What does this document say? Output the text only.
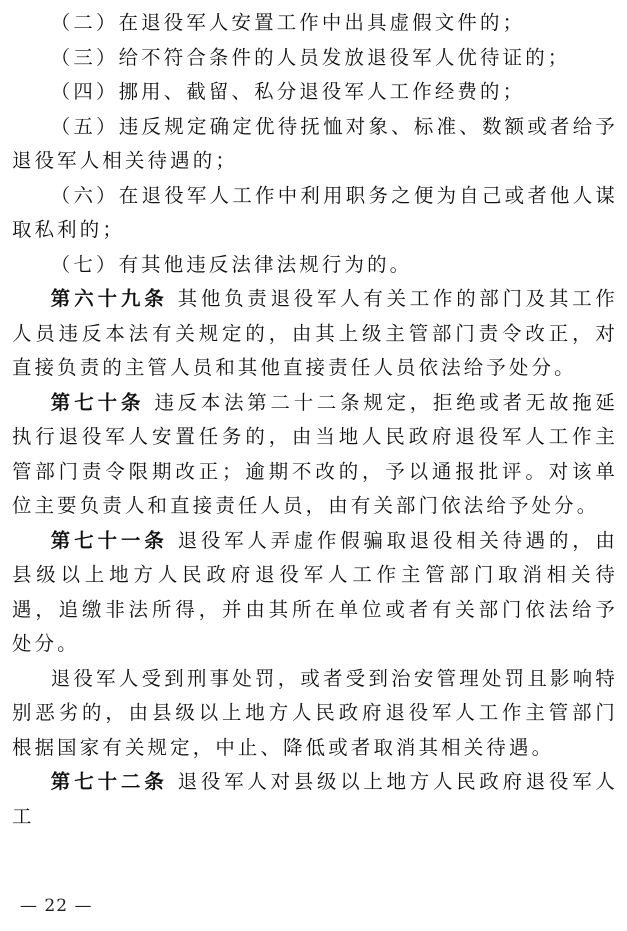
（二）在退役军人安置工作中出具虚假文件的；

（三）给不符合条件的人员发放退役军人优待证的；

（四）挪用、截留、私分退役军人工作经费的；

（五）违反规定确定优待抚恤对象、标准、数额或者给予退役军人相关待遇的；

（六）在退役军人工作中利用职务之便为自己或者他人谋取私利的；

（七）有其他违反法律法规行为的。

第六十九条 其他负责退役军人有关工作的部门及其工作人员违反本法有关规定的，由其上级主管部门责令改正，对直接负责的主管人员和其他直接责任人员依法给予处分。

第七十条 违反本法第二十二条规定，拒绝或者无故拖延执行退役军人安置任务的，由当地人民政府退役军人工作主管部门责令限期改正；逾期不改的，予以通报批评。对该单位主要负责人和直接责任人员，由有关部门依法给予处分。

第七十一条 退役军人弄虚作假骗取退役相关待遇的，由县级以上地方人民政府退役军人工作主管部门取消相关待遇，追缴非法所得，并由其所在单位或者有关部门依法给予处分。

退役军人受到刑事处罚，或者受到治安管理处罚且影响特别恶劣的，由县级以上地方人民政府退役军人工作主管部门根据国家有关规定，中止、降低或者取消其相关待遇。

第七十二条 退役军人对县级以上地方人民政府退役军人工

— 22 —
